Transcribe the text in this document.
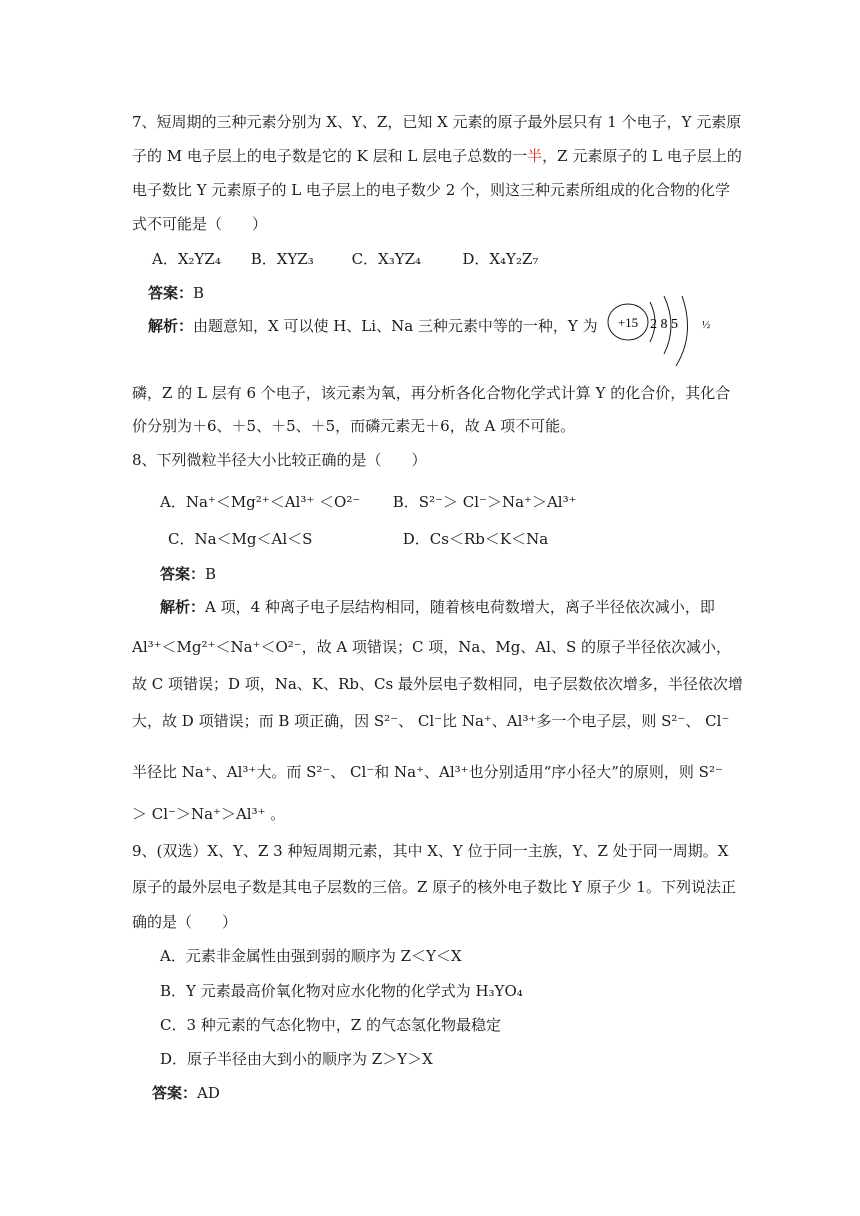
7、短周期的三种元素分别为 X、Y、Z，已知 X 元素的原子最外层只有 1 个电子，Y 元素原
子的 M 电子层上的电子数是它的 K 层和 L 层电子总数的一半，Z 元素原子的 L 电子层上的
电子数比 Y 元素原子的 L 电子层上的电子数少 2 个，则这三种元素所组成的化合物的化学
式不可能是（　　）
A．X₂YZ₄ B．XYZ₃	C．X₃YZ₄	D．X₄Y₂Z₇
答案：B
解析：由题意知，X 可以使 H、Li、Na 三种元素中等的一种，Y 为 +15 2 8 5 ½
磷，Z 的 L 层有 6 个电子，该元素为氧，再分析各化合物化学式计算 Y 的化合价，其化合
价分别为＋6、＋5、＋5、＋5，而磷元素无＋6，故 A 项不可能。
8、下列微粒半径大小比较正确的是（　　）
A．Na⁺＜Mg²⁺＜Al³⁺ ＜O²⁻ B．S²⁻＞ Cl⁻＞Na⁺＞Al³⁺
C．Na＜Mg＜Al＜S	D．Cs＜Rb＜K＜Na
答案：B
解析：A 项，4 种离子电子层结构相同，随着核电荷数增大，离子半径依次减小，即
Al³⁺＜Mg²⁺＜Na⁺＜O²⁻，故 A 项错误；C 项，Na、Mg、Al、S 的原子半径依次减小，
故 C 项错误；D 项，Na、K、Rb、Cs 最外层电子数相同，电子层数依次增多，半径依次增
大，故 D 项错误；而 B 项正确，因 S²⁻、 Cl⁻比 Na⁺、Al³⁺多一个电子层，则 S²⁻、 Cl⁻
半径比 Na⁺、Al³⁺大。而 S²⁻、 Cl⁻和 Na⁺、Al³⁺也分别适用“序小径大”的原则，则 S²⁻
＞ Cl⁻＞Na⁺＞Al³⁺ 。
9、(双选）X、Y、Z 3 种短周期元素，其中 X、Y 位于同一主族，Y、Z 处于同一周期。X
原子的最外层电子数是其电子层数的三倍。Z 原子的核外电子数比 Y 原子少 1。下列说法正
确的是（　　）
A．元素非金属性由强到弱的顺序为 Z＜Y＜X
B．Y 元素最高价氧化物对应水化物的化学式为 H₃YO₄
C．3 种元素的气态化物中，Z 的气态氢化物最稳定
D．原子半径由大到小的顺序为 Z＞Y＞X
答案：AD
